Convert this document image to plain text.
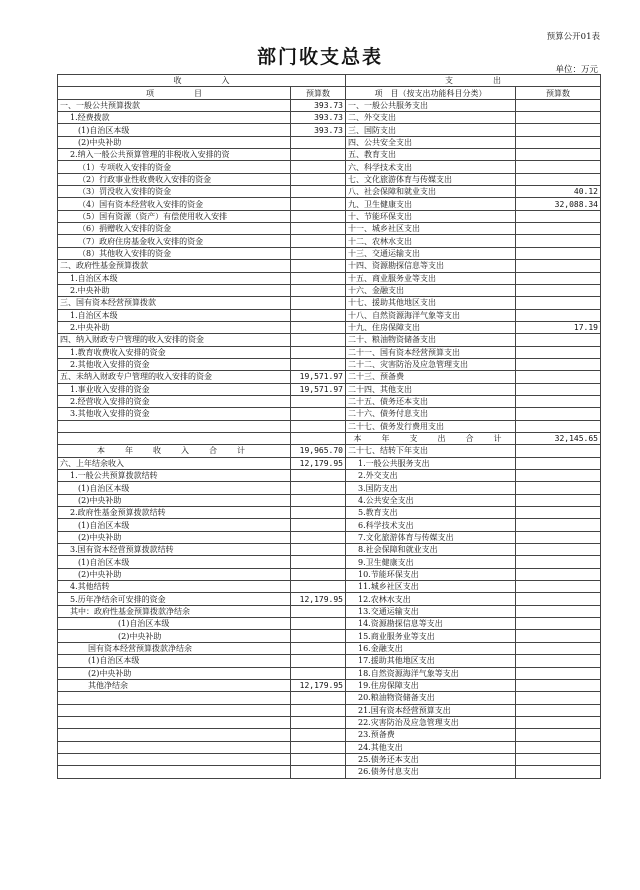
预算公开01表
部门收支总表
单位：万元
收　　　　　入		支　　　　　出	
项　　　　　目	预算数	项　目（按支出功能科目分类）	预算数
一、一般公共预算拨款	393.73	一、一般公共服务支出	
1.经费拨款	393.73	二、外交支出	
(1)自治区本级	393.73	三、国防支出	
(2)中央补助		四、公共安全支出	
2.纳入一般公共预算管理的非税收入安排的资		五、教育支出	
（1）专项收入安排的资金		六、科学技术支出	
（2）行政事业性收费收入安排的资金		七、文化旅游体育与传媒支出	
（3）罚没收入安排的资金		八、社会保障和就业支出	40.12
（4）国有资本经营收入安排的资金		九、卫生健康支出	32,088.34
（5）国有资源（资产）有偿使用收入安排		十、节能环保支出	
（6）捐赠收入安排的资金		十一、城乡社区支出	
（7）政府住房基金收入安排的资金		十二、农林水支出	
（8）其他收入安排的资金		十三、交通运输支出	
二、政府性基金预算拨款		十四、资源勘探信息等支出	
1.自治区本级		十五、商业服务业等支出	
2.中央补助		十六、金融支出	
三、国有资本经营预算拨款		十七、援助其他地区支出	
1.自治区本级		十八、自然资源海洋气象等支出	
2.中央补助		十九、住房保障支出	17.19
四、纳入财政专户管理的收入安排的资金		二十、粮油物资储备支出	
1.教育收费收入安排的资金		二十一、国有资本经营预算支出	
2.其他收入安排的资金		二十二、灾害防治及应急管理支出	
五、未纳入财政专户管理的收入安排的资金	19,571.97	二十三、预备费	
1.事业收入安排的资金	19,571.97	二十四、其他支出	
2.经营收入安排的资金		二十五、债务还本支出	
3.其他收入安排的资金		二十六、债务付息支出	
		二十七、债务发行费用支出	
		本　年　支　出　合　计	32,145.65
本　年　收　入　合　计	19,965.70	二十七、结转下年支出	
六、上年结余收入	12,179.95	1.一般公共服务支出	
1.一般公共预算拨款结转		2.外交支出	
(1)自治区本级		3.国防支出	
(2)中央补助		4.公共安全支出	
2.政府性基金预算拨款结转		5.教育支出	
(1)自治区本级		6.科学技术支出	
(2)中央补助		7.文化旅游体育与传媒支出	
3.国有资本经营预算拨款结转		8.社会保障和就业支出	
(1)自治区本级		9.卫生健康支出	
(2)中央补助		10.节能环保支出	
4.其他结转		11.城乡社区支出	
5.历年净结余可安排的资金	12,179.95	12.农林水支出	
其中：政府性基金预算拨款净结余		13.交通运输支出	
(1)自治区本级		14.资源勘探信息等支出	
(2)中央补助		15.商业服务业等支出	
国有资本经营预算拨款净结余		16.金融支出	
(1)自治区本级		17.援助其他地区支出	
(2)中央补助		18.自然资源海洋气象等支出	
其他净结余	12,179.95	19.住房保障支出	
		20.粮油物资储备支出	
		21.国有资本经营预算支出	
		22.灾害防治及应急管理支出	
		23.预备费	
		24.其他支出	
		25.债务还本支出	
		26.债务付息支出	
